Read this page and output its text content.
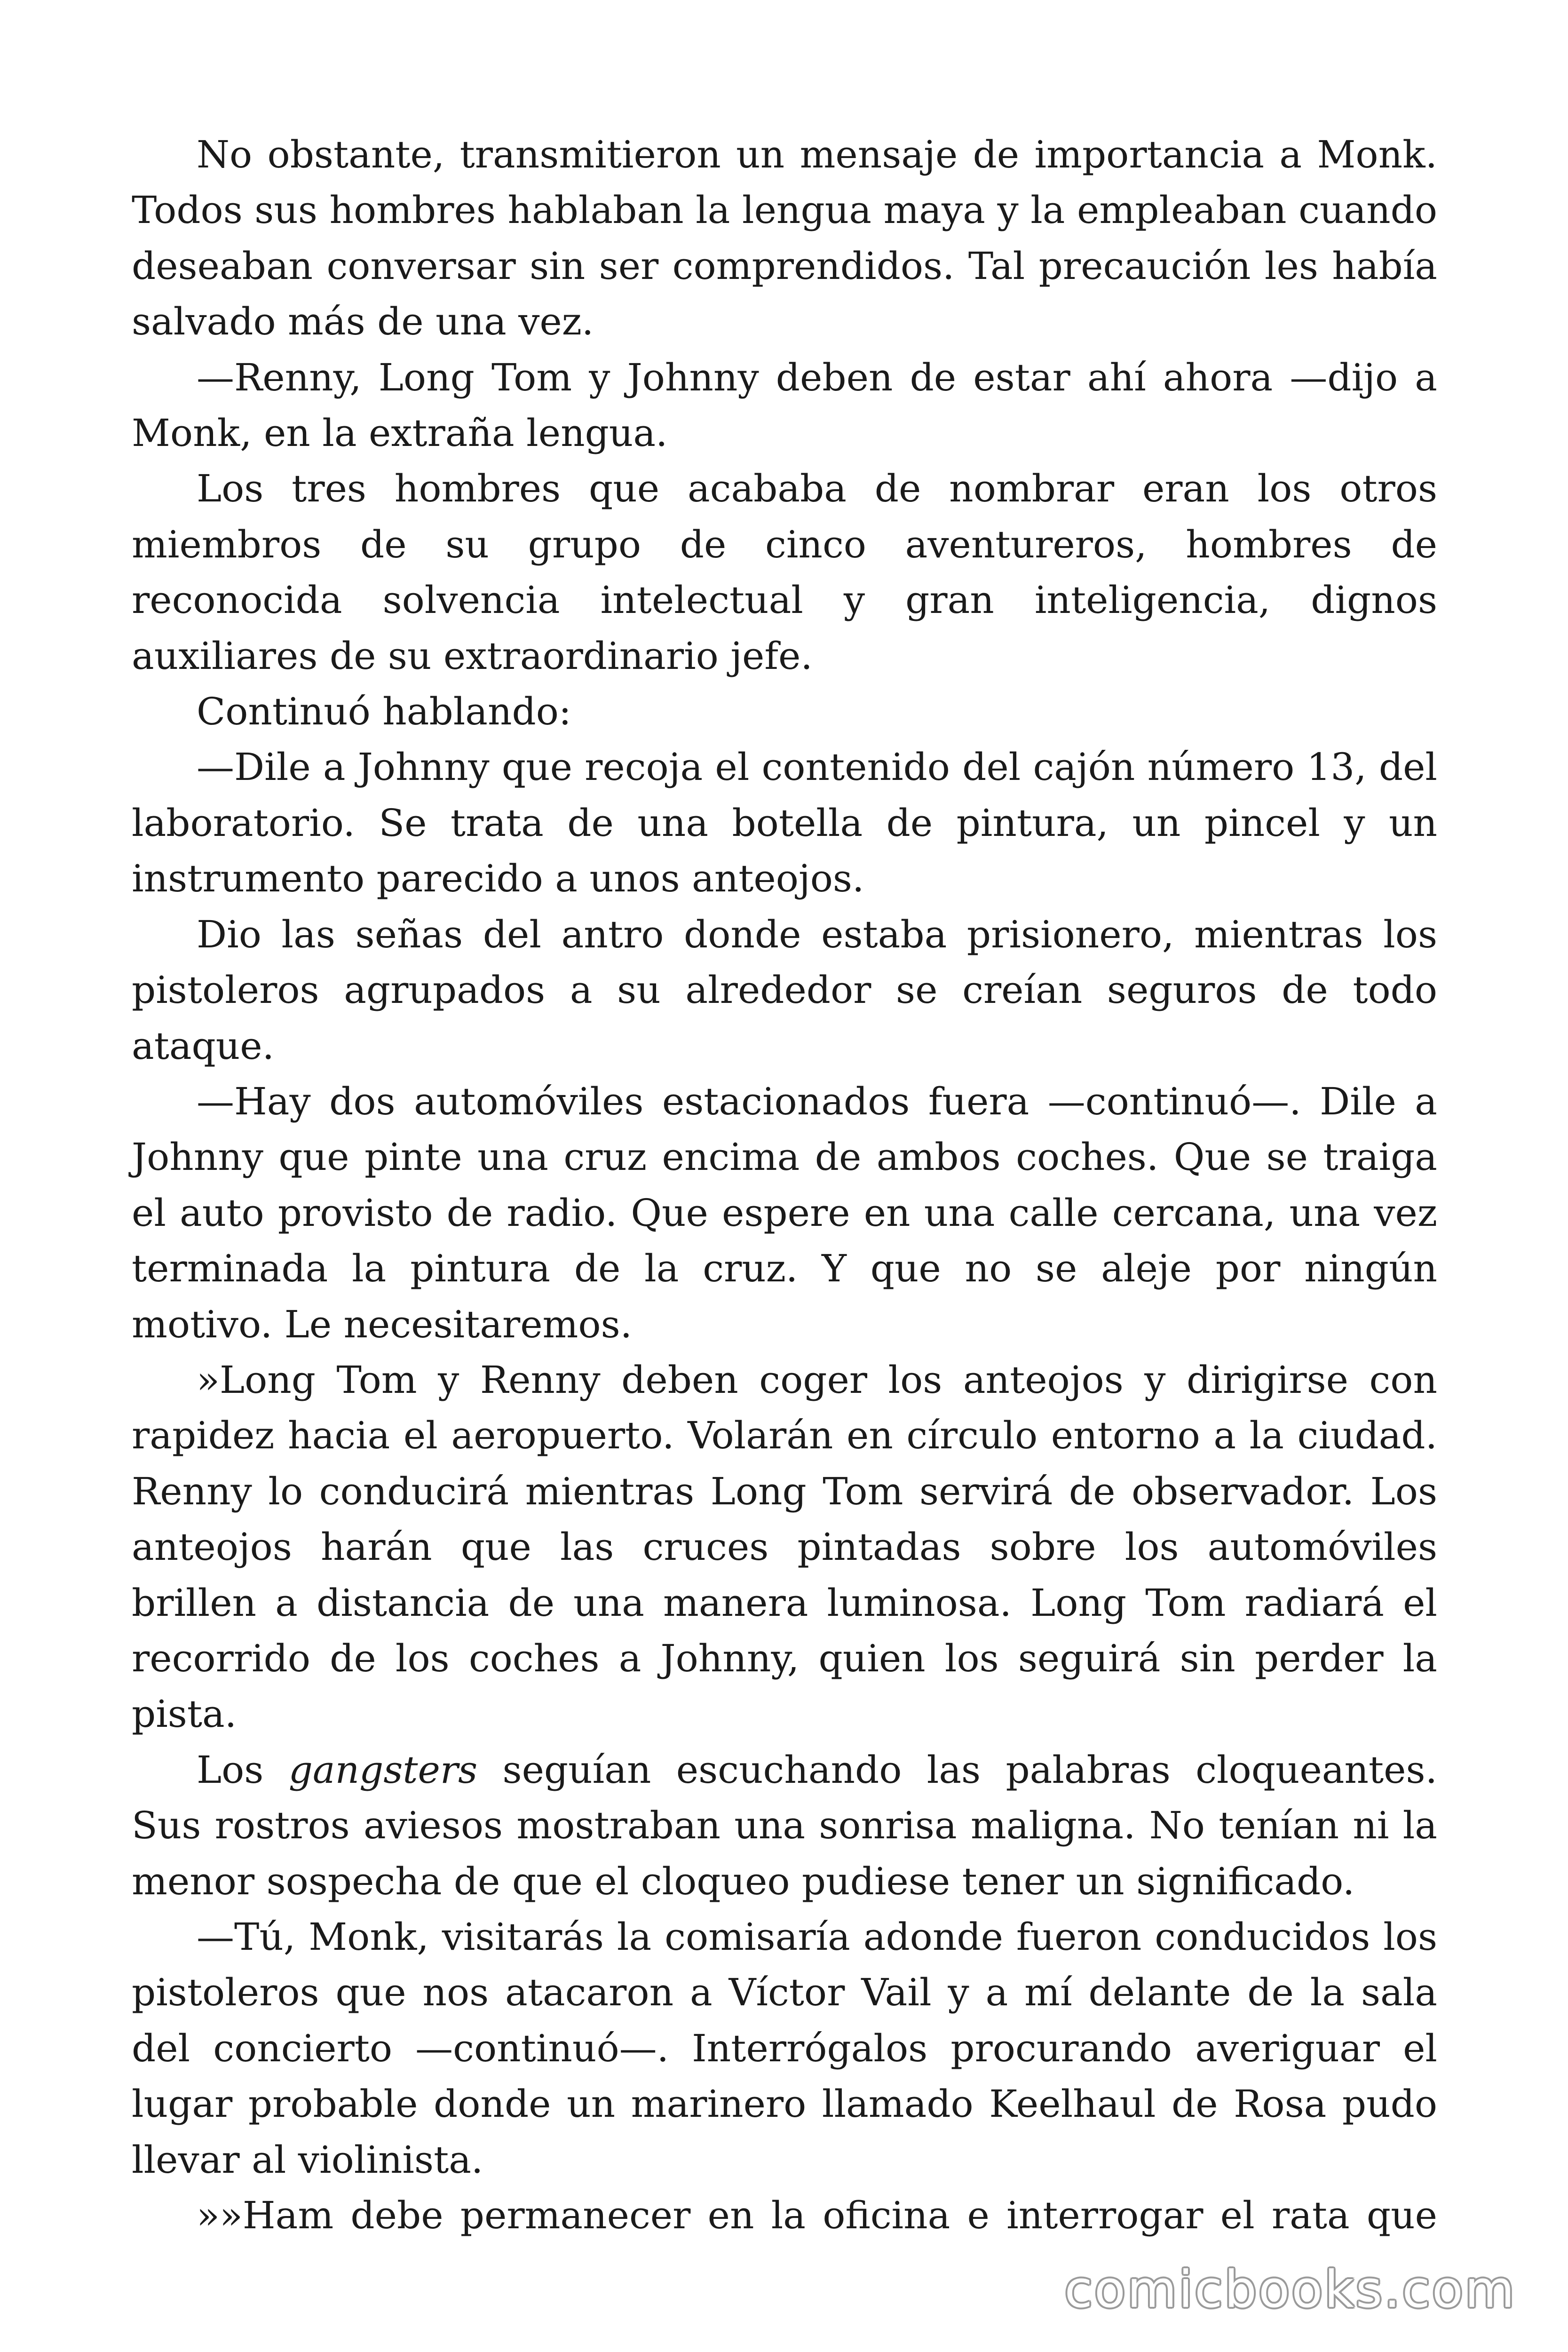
No obstante, transmitieron un mensaje de importancia a Monk. Todos sus hombres hablaban la lengua maya y la empleaban cuando deseaban conversar sin ser comprendidos. Tal precaución les había salvado más de una vez.

—Renny, Long Tom y Johnny deben de estar ahí ahora —dijo a Monk, en la extraña lengua.

Los tres hombres que acababa de nombrar eran los otros miembros de su grupo de cinco aventureros, hombres de reconocida solvencia intelectual y gran inteligencia, dignos auxiliares de su extraordinario jefe.

Continuó hablando:

—Dile a Johnny que recoja el contenido del cajón número 13, del laboratorio. Se trata de una botella de pintura, un pincel y un instrumento parecido a unos anteojos.

Dio las señas del antro donde estaba prisionero, mientras los pistoleros agrupados a su alrededor se creían seguros de todo ataque.

—Hay dos automóviles estacionados fuera —continuó—. Dile a Johnny que pinte una cruz encima de ambos coches. Que se traiga el auto provisto de radio. Que espere en una calle cercana, una vez terminada la pintura de la cruz. Y que no se aleje por ningún motivo. Le necesitaremos.

»Long Tom y Renny deben coger los anteojos y dirigirse con rapidez hacia el aeropuerto. Volarán en círculo entorno a la ciudad. Renny lo conducirá mientras Long Tom servirá de observador. Los anteojos harán que las cruces pintadas sobre los automóviles brillen a distancia de una manera luminosa. Long Tom radiará el recorrido de los coches a Johnny, quien los seguirá sin perder la pista.

Los gangsters seguían escuchando las palabras cloqueantes. Sus rostros aviesos mostraban una sonrisa maligna. No tenían ni la menor sospecha de que el cloqueo pudiese tener un significado.

—Tú, Monk, visitarás la comisaría adonde fueron conducidos los pistoleros que nos atacaron a Víctor Vail y a mí delante de la sala del concierto —continuó—. Interrógalos procurando averiguar el lugar probable donde un marinero llamado Keelhaul de Rosa pudo llevar al violinista.

»»Ham debe permanecer en la oficina e interrogar el rata que

comicbooks.com
